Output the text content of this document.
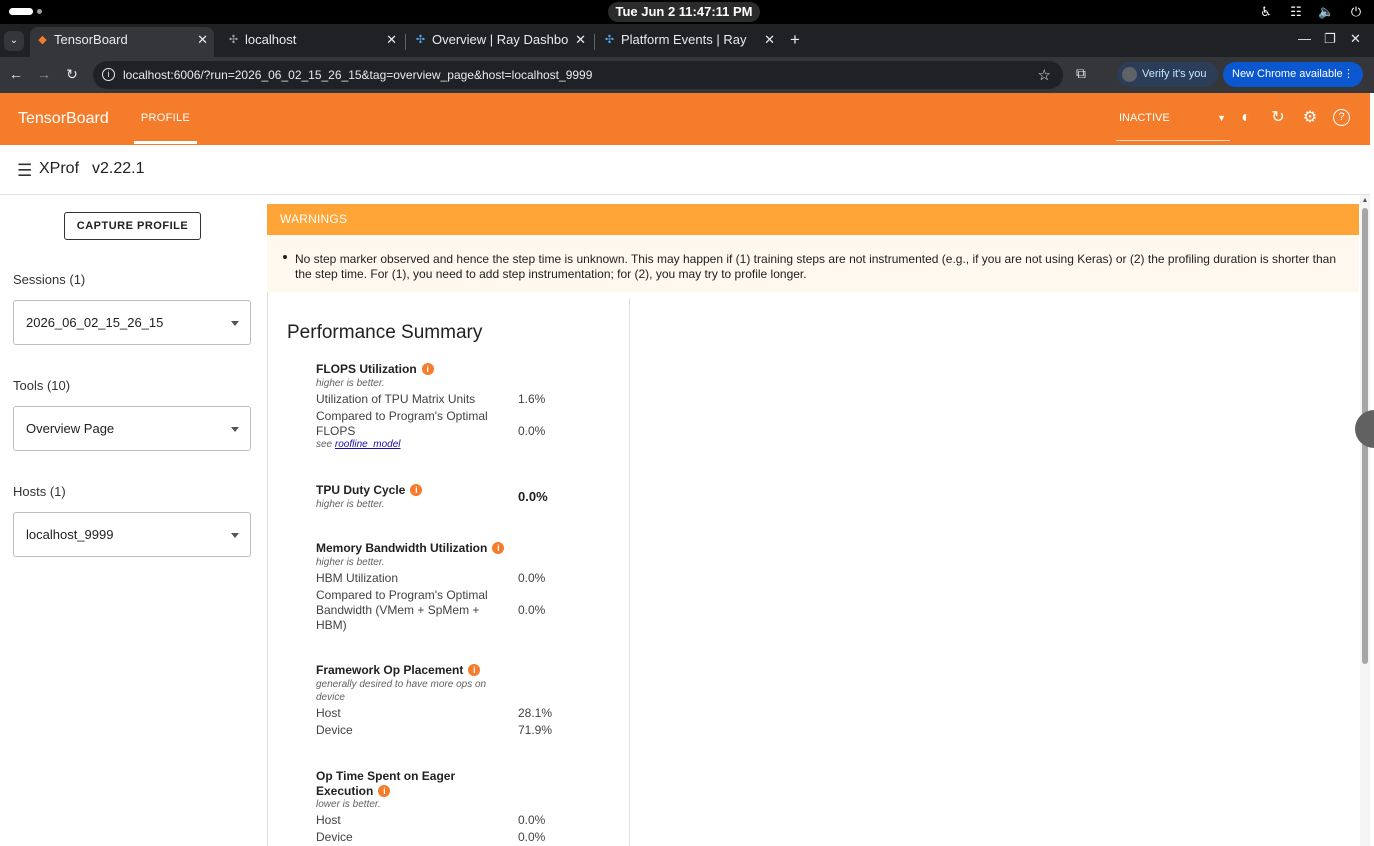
Tue Jun 2 11:47:11 PM	♿ ☷ 🔈 ⏻
⌄	◆ TensorBoard	✕ ✣ localhost	✕ ✣ Overview | Ray Dashbo ✕ ✣ Platform Events | Ray ✕ +	— ❐ ✕
← → ↻	i	localhost:6006/?run=2026_06_02_15_26_15&tag=overview_page&host=localhost_9999	☆ ⧉	Verify it's you	New Chrome available ⋮
TensorBoard	PROFILE	INACTIVE	▼ ◐ ↻ ⚙	?
☰ XProf v2.22.1
CAPTURE PROFILE
Sessions (1)
2026_06_02_15_26_15
Tools (10)
Overview Page
Hosts (1)
localhost_9999
WARNINGS
No step marker observed and hence the step time is unknown. This may happen if (1) training steps are not instrumented (e.g., if you are not using Keras) or (2) the profiling duration is shorter than the step time. For (1), you need to add step instrumentation; for (2), you may try to profile longer.
Performance Summary
FLOPS Utilization i
higher is better.
Utilization of TPU Matrix Units	1.6%
Compared to Program's Optimal
FLOPS	0.0%
see roofline_model
TPU Duty Cycle i
higher is better.
0.0%
Memory Bandwidth Utilization i
higher is better.
HBM Utilization	0.0%
Compared to Program's Optimal
Bandwidth (VMem + SpMem +
HBM)
0.0%
Framework Op Placement i
generally desired to have more ops on
device
Host	28.1%
Device	71.9%
Op Time Spent on Eager
Execution i
lower is better.
Host	0.0%
Device	0.0%
▲
